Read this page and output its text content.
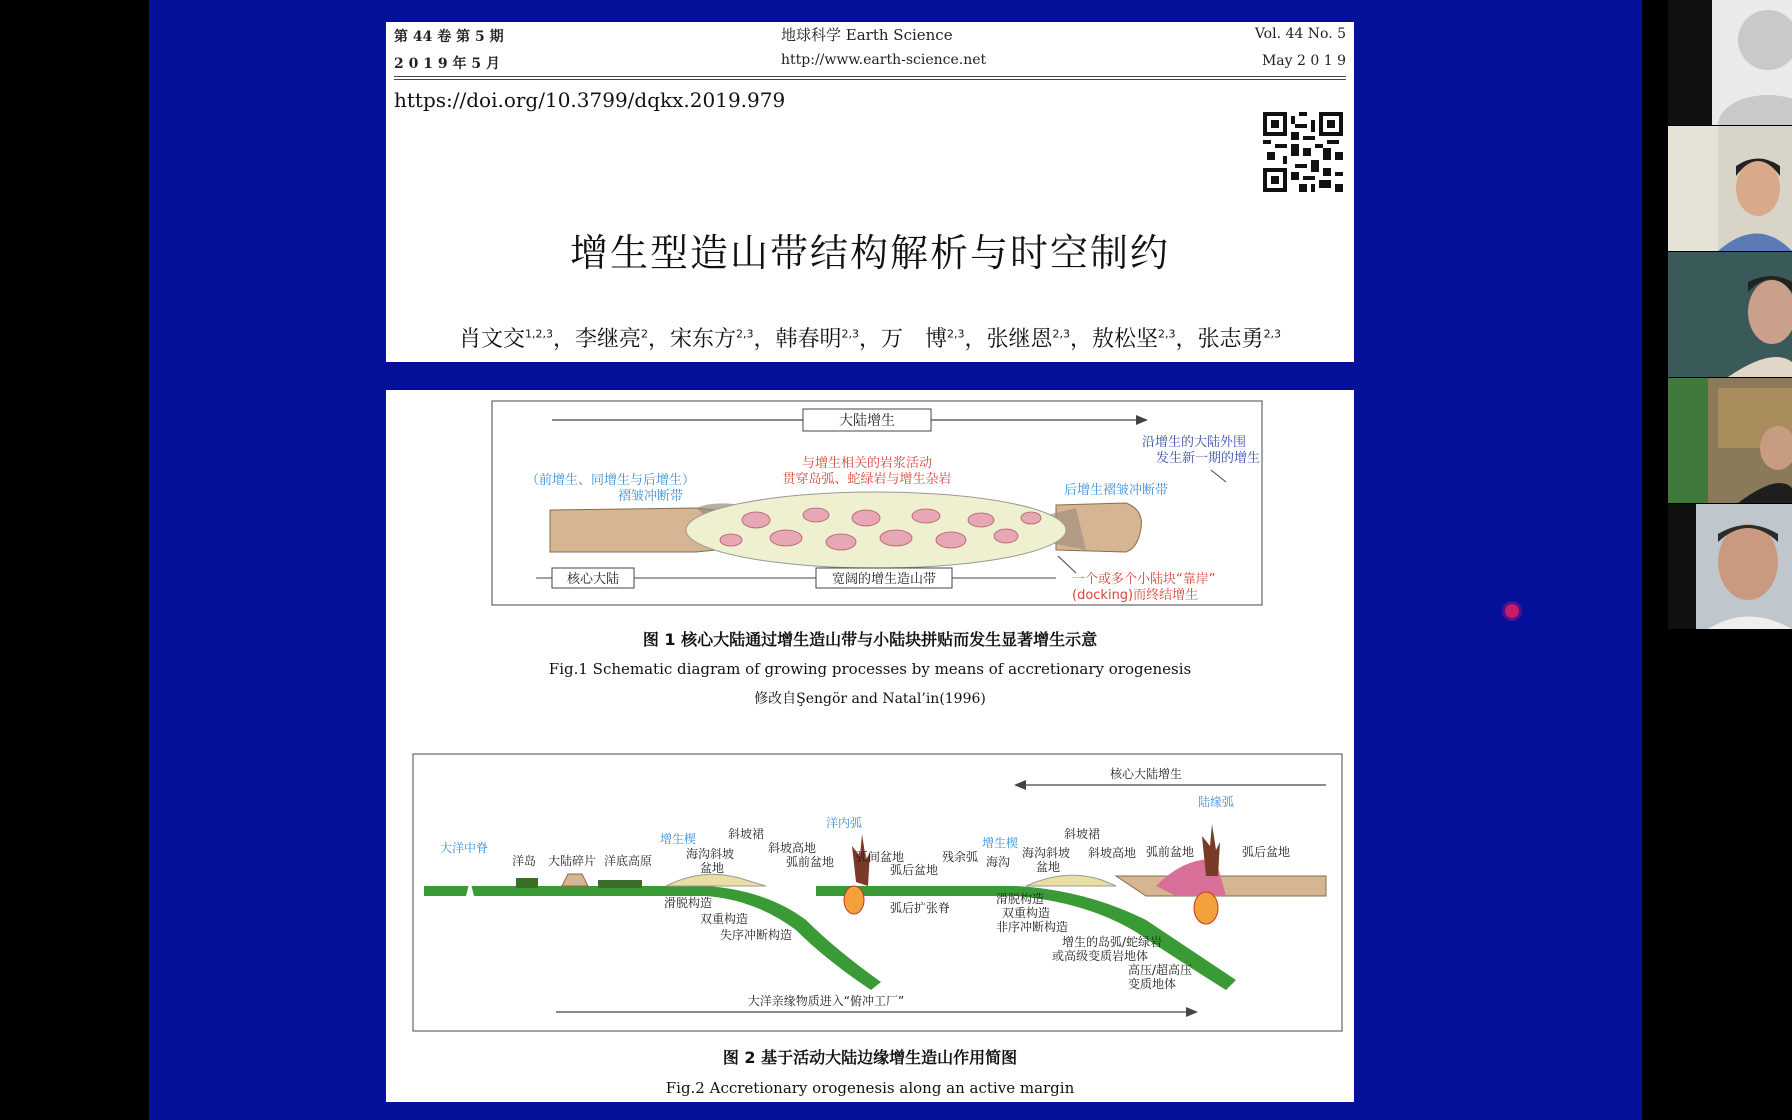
第 44 卷 第 5 期
2 0 1 9 年 5 月
地球科学 Earth Science
http://www.earth-science.net
Vol. 44 No. 5
May 2 0 1 9
https://doi.org/10.3799/dqkx.2019.979
增生型造山带结构解析与时空制约
肖文交$^{1,2,3}$，李继亮$^2$，宋东方$^{2,3}$，韩春明$^{2,3}$，万　博$^{2,3}$，张继恩$^{2,3}$，敖松坚$^{2,3}$，张志勇$^{2,3}$
大陆增生
（前增生、同增生与后增生）
褶皱冲断带
与增生相关的岩浆活动
贯穿岛弧、蛇绿岩与增生杂岩
沿增生的大陆外围
发生新一期的增生
后增生褶皱冲断带
核心大陆	宽阔的增生造山带	一个或多个小陆块“靠岸”
(docking)而终结增生
图 1 核心大陆通过增生造山带与小陆块拼贴而发生显著增生示意
Fig.1 Schematic diagram of growing processes by means of accretionary orogenesis
修改自Şengör and Natal’in(1996)
核心大陆增生
大洋亲缘物质进入“俯冲工厂”
大洋中脊
洋岛 大陆碎片 洋底高原
增生楔	斜坡裙
海沟斜坡
盆地
斜坡高地
弧前盆地
洋内弧
弧间盆地
弧后盆地
残余弧
增生楔
海沟
斜坡裙
海沟斜坡
盆地
斜坡高地 弧前盆地
陆缘弧
弧后盆地
滑脱构造
双重构造
失序冲断构造
弧后扩张脊
滑脱构造
双重构造
非序冲断构造
增生的岛弧/蛇绿岩
或高级变质岩地体
高压/超高压
变质地体
图 2 基于活动大陆边缘增生造山作用简图
Fig.2 Accretionary orogenesis along an active margin
